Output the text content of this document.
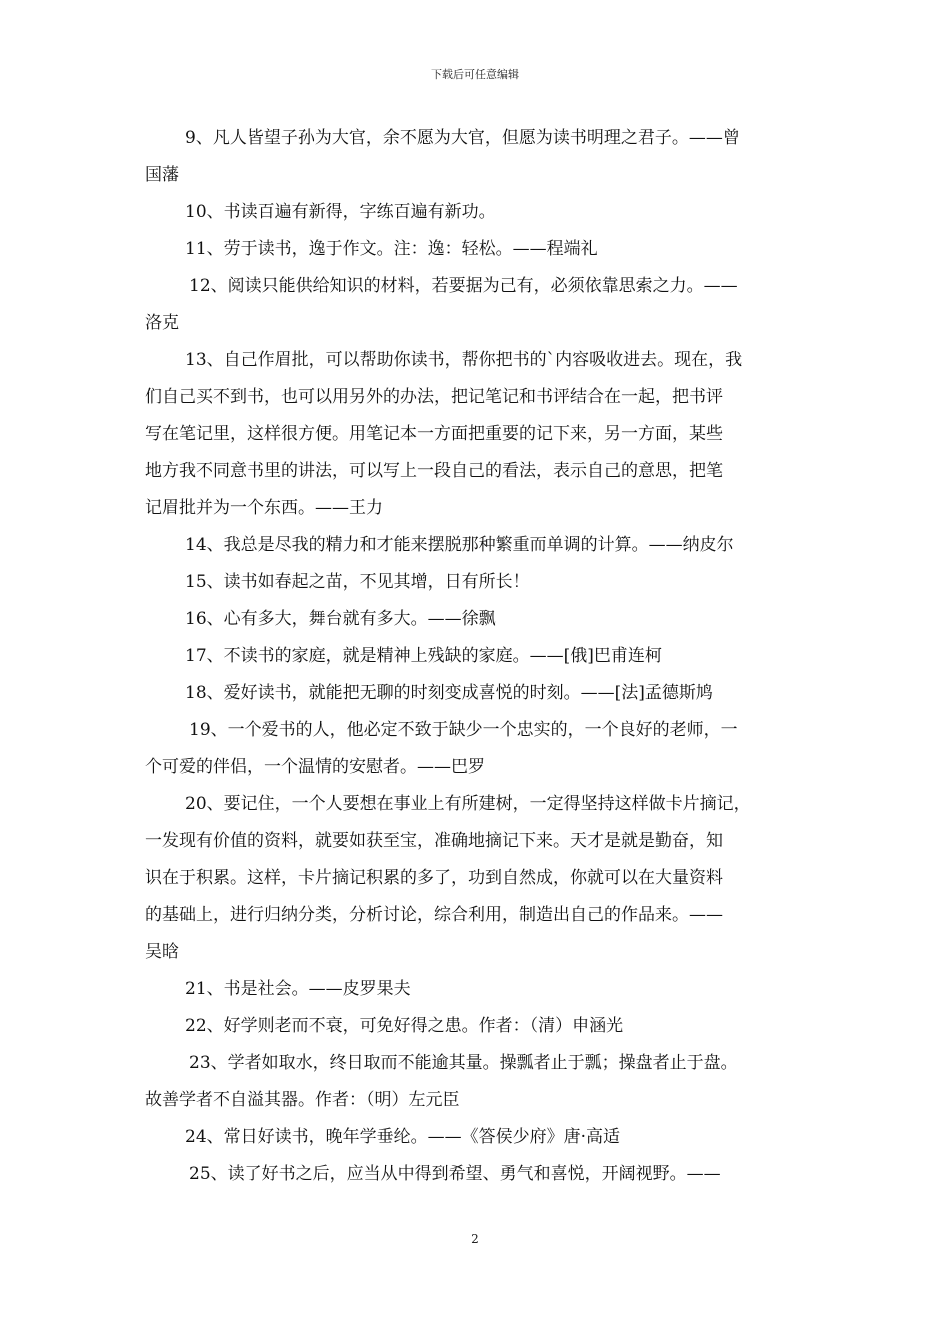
下载后可任意编辑

9、凡人皆望子孙为大官，余不愿为大官，但愿为读书明理之君子。——曾
国藩

10、书读百遍有新得，字练百遍有新功。

11、劳于读书，逸于作文。注：逸：轻松。——程端礼

12、阅读只能供给知识的材料，若要据为己有，必须依靠思索之力。——
洛克

13、自己作眉批，可以帮助你读书，帮你把书的`内容吸收进去。现在，我
们自己买不到书，也可以用另外的办法，把记笔记和书评结合在一起，把书评
写在笔记里，这样很方便。用笔记本一方面把重要的记下来，另一方面，某些
地方我不同意书里的讲法，可以写上一段自己的看法，表示自己的意思，把笔
记眉批并为一个东西。——王力

14、我总是尽我的精力和才能来摆脱那种繁重而单调的计算。——纳皮尔

15、读书如春起之苗，不见其增，日有所长！

16、心有多大，舞台就有多大。——徐飘

17、不读书的家庭，就是精神上残缺的家庭。——[俄]巴甫连柯

18、爱好读书，就能把无聊的时刻变成喜悦的时刻。——[法]孟德斯鸠

19、一个爱书的人，他必定不致于缺少一个忠实的，一个良好的老师，一
个可爱的伴侣，一个温情的安慰者。——巴罗

20、要记住，一个人要想在事业上有所建树，一定得坚持这样做卡片摘记，
一发现有价值的资料，就要如获至宝，准确地摘记下来。天才是就是勤奋，知
识在于积累。这样，卡片摘记积累的多了，功到自然成，你就可以在大量资料
的基础上，进行归纳分类，分析讨论，综合利用，制造出自己的作品来。——
吴晗

21、书是社会。——皮罗果夫

22、好学则老而不衰，可免好得之患。作者：（清）申涵光

23、学者如取水，终日取而不能逾其量。操瓢者止于瓢；操盘者止于盘。
故善学者不自溢其器。作者：（明）左元臣

24、常日好读书，晚年学垂纶。——《答侯少府》唐·高适

25、读了好书之后，应当从中得到希望、勇气和喜悦，开阔视野。——

2
